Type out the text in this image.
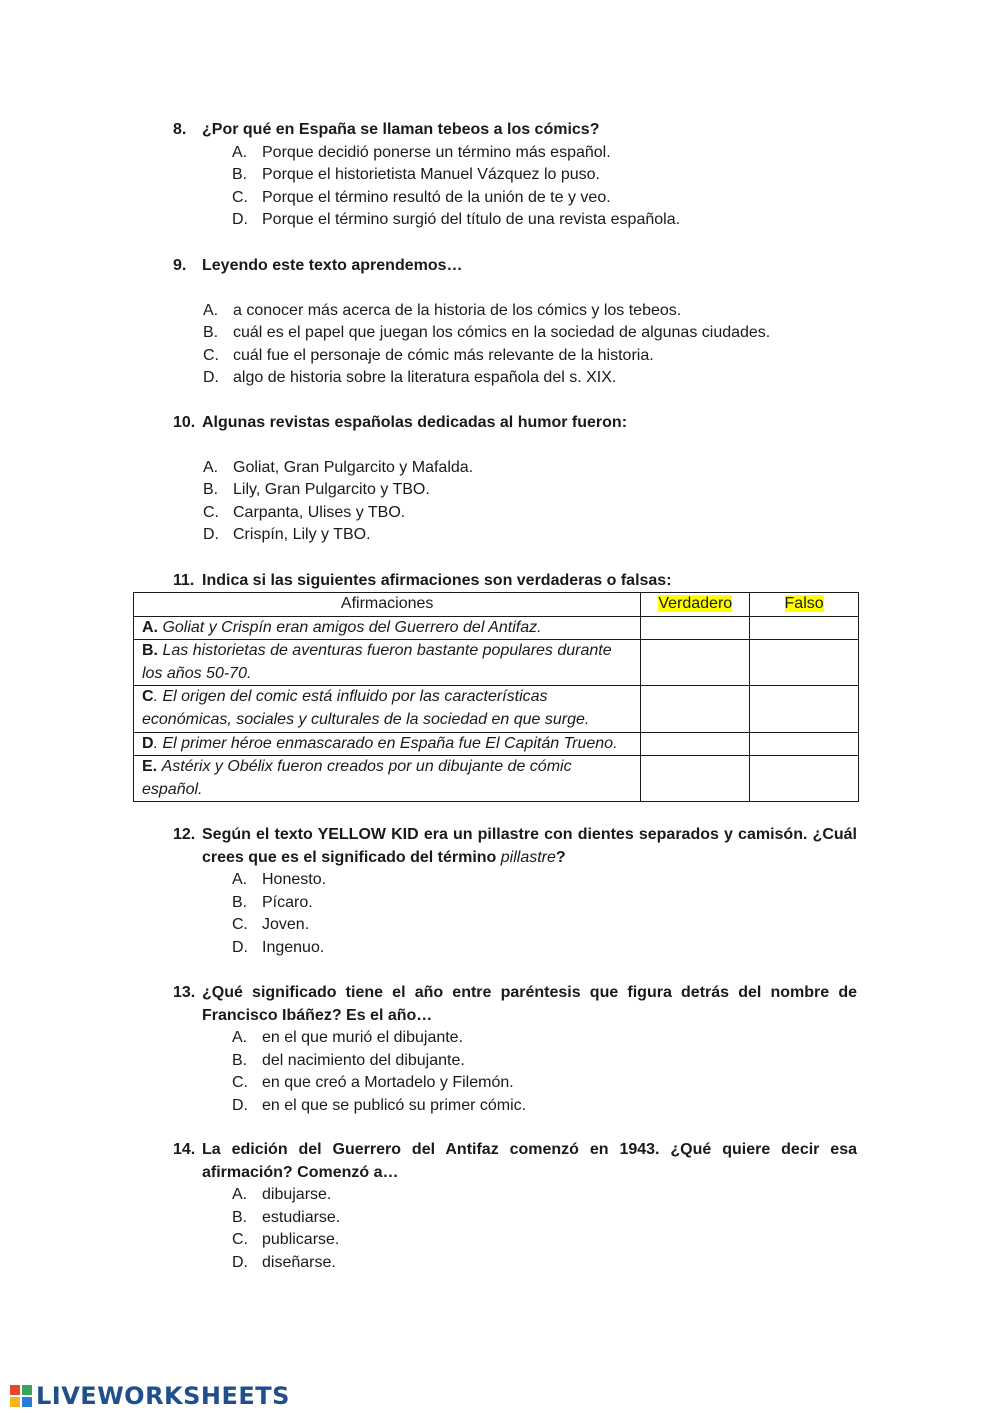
8. ¿Por qué en España se llaman tebeos a los cómics?
A. Porque decidió ponerse un término más español.
B. Porque el historietista Manuel Vázquez lo puso.
C. Porque el término resultó de la unión de te y veo.
D. Porque el término surgió del título de una revista española.
9. Leyendo este texto aprendemos…
A. a conocer más acerca de la historia de los cómics y los tebeos.
B. cuál es el papel que juegan los cómics en la sociedad de algunas ciudades.
C. cuál fue el personaje de cómic más relevante de la historia.
D. algo de historia sobre la literatura española del s. XIX.
10. Algunas revistas españolas dedicadas al humor fueron:
A. Goliat, Gran Pulgarcito y Mafalda.
B. Lily, Gran Pulgarcito y TBO.
C. Carpanta, Ulises y TBO.
D. Crispín, Lily y TBO.
11. Indica si las siguientes afirmaciones son verdaderas o falsas:
Afirmaciones	Verdadero	Falso
A. Goliat y Crispín eran amigos del Guerrero del Antifaz.		
B. Las historietas de aventuras fueron bastante populares durante los años 50-70.		
C. El origen del comic está influido por las características económicas, sociales y culturales de la sociedad en que surge.		
D. El primer héroe enmascarado en España fue El Capitán Trueno.		
E. Astérix y Obélix fueron creados por un dibujante de cómic español.		
12. Según el texto YELLOW KID era un pillastre con dientes separados y camisón. ¿Cuál crees que es el significado del término pillastre?
A. Honesto.
B. Pícaro.
C. Joven.
D. Ingenuo.
13. ¿Qué significado tiene el año entre paréntesis que figura detrás del nombre de Francisco Ibáñez? Es el año…
A. en el que murió el dibujante.
B. del nacimiento del dibujante.
C. en que creó a Mortadelo y Filemón.
D. en el que se publicó su primer cómic.
14. La edición del Guerrero del Antifaz comenzó en 1943. ¿Qué quiere decir esa afirmación? Comenzó a…
A. dibujarse.
B. estudiarse.
C. publicarse.
D. diseñarse.
LIVEWORKSHEETS
